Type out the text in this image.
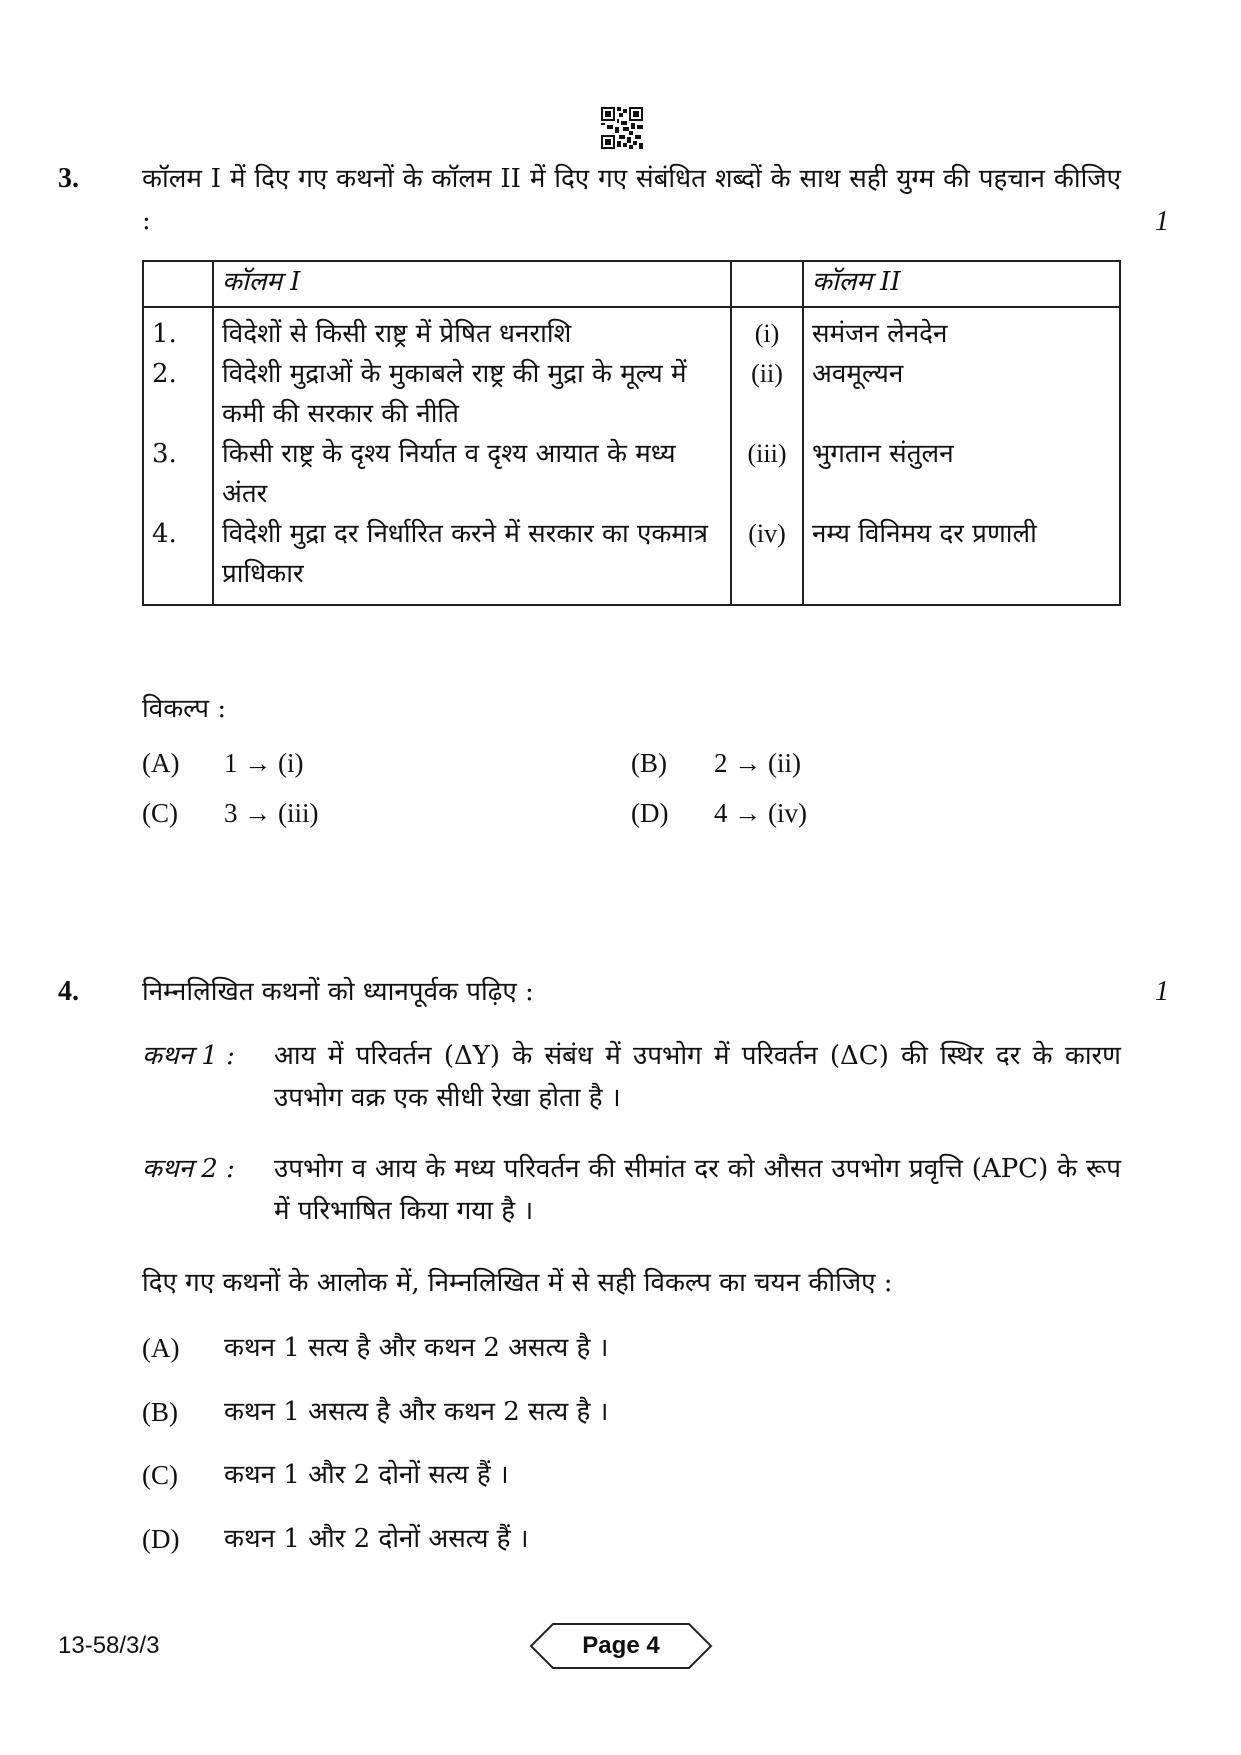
3. कॉलम I में दिए गए कथनों के कॉलम II में दिए गए संबंधित शब्दों के साथ सही युग्म की पहचान कीजिए :	1
	कॉलम I		कॉलम II
1.	विदेशों से किसी राष्ट्र में प्रेषित धनराशि	(i)	समंजन लेनदेन
2.	विदेशी मुद्राओं के मुकाबले राष्ट्र की मुद्रा के मूल्य में कमी की सरकार की नीति	(ii)	अवमूल्यन
3.	किसी राष्ट्र के दृश्य निर्यात व दृश्य आयात के मध्य अंतर	(iii)	भुगतान संतुलन
4.	विदेशी मुद्रा दर निर्धारित करने में सरकार का एकमात्र प्राधिकार	(iv)	नम्य विनिमय दर प्रणाली
विकल्प :
(A) 1 → (i)	(B) 2 → (ii)
(C) 3 → (iii)	(D) 4 → (iv)
4. निम्नलिखित कथनों को ध्यानपूर्वक पढ़िए :	1
कथन 1 : आय में परिवर्तन (ΔY) के संबंध में उपभोग में परिवर्तन (ΔC) की स्थिर दर के कारण उपभोग वक्र एक सीधी रेखा होता है ।
कथन 2 : उपभोग व आय के मध्य परिवर्तन की सीमांत दर को औसत उपभोग प्रवृत्ति (APC) के रूप में परिभाषित किया गया है ।
दिए गए कथनों के आलोक में, निम्नलिखित में से सही विकल्प का चयन कीजिए :
(A) कथन 1 सत्य है और कथन 2 असत्य है ।
(B) कथन 1 असत्य है और कथन 2 सत्य है ।
(C) कथन 1 और 2 दोनों सत्य हैं ।
(D) कथन 1 और 2 दोनों असत्य हैं ।
13-58/3/3	Page 4
